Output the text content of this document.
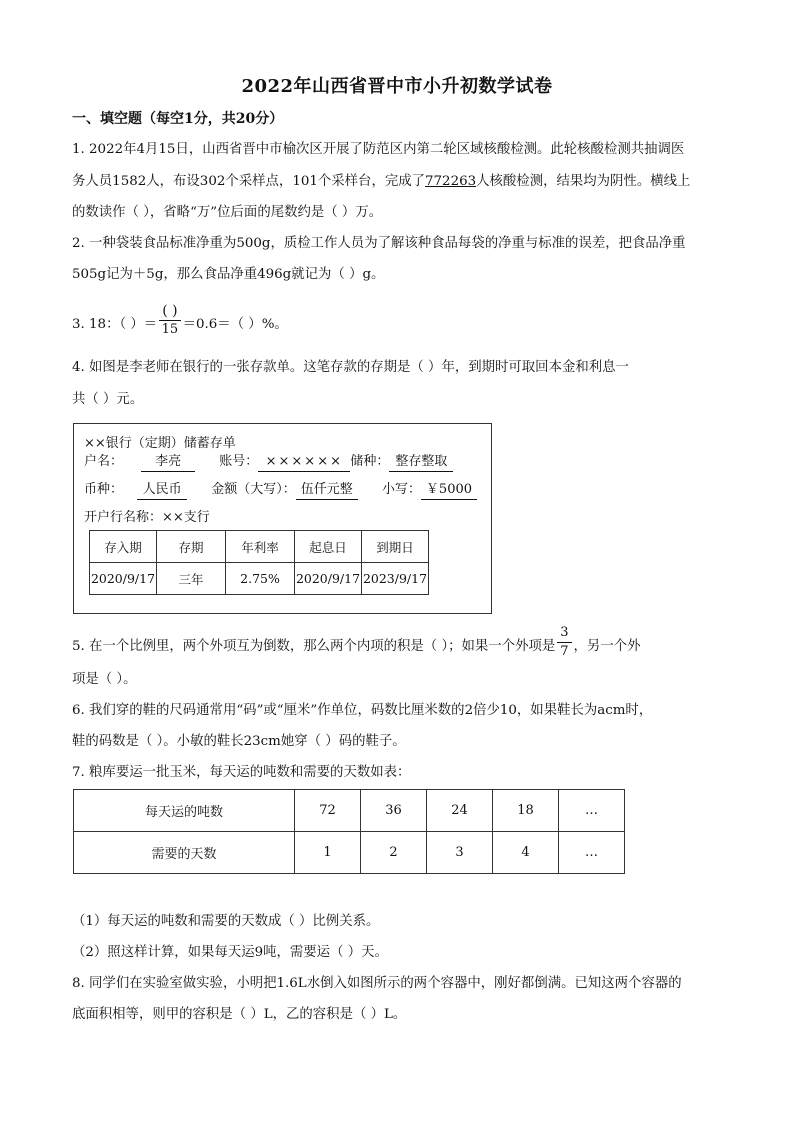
2022年山西省晋中市小升初数学试卷
一、填空题（每空1分，共20分）
1. 2022年4月15日，山西省晋中市榆次区开展了防范区内第二轮区域核酸检测。此轮核酸检测共抽调医
务人员1582人，布设302个采样点，101个采样台，完成了772263人核酸检测，结果均为阴性。横线上
的数读作（ ），省略“万”位后面的尾数约是（ ）万。
2. 一种袋装食品标准净重为500g，质检工作人员为了解该种食品每袋的净重与标准的误差，把食品净重
505g记为＋5g，那么食品净重496g就记为（ ）g。
3. 18：（ ）＝ $\frac{( )}{15} =0.6=$（ ）%。
4. 如图是李老师在银行的一张存款单。这笔存款的存期是（ ）年，到期时可取回本金和利息一
共（ ）元。
××银行（定期）储蓄存单
户名： 李亮	账号： ×××××× 储种： 整存整取
币种： 人民币 金额（大写）： 伍仟元整 小写： ￥5000
开户行名称：××支行
存入期	存期	年利率	起息日	到期日
2020/9/17	三年	2.75%	2020/9/17	2023/9/17
5. 在一个比例里，两个外项互为倒数，那么两个内项的积是（ ）；如果一个外项是 $\frac{3}{7}$ ，另一个外
项是（ ）。
6. 我们穿的鞋的尺码通常用“码”或“厘米”作单位，码数比厘米数的2倍少10，如果鞋长为acm时，
鞋的码数是（ ）。小敏的鞋长23cm她穿（ ）码的鞋子。
7. 粮库要运一批玉米，每天运的吨数和需要的天数如表：
每天运的吨数	72	36	24	18	…
需要的天数	1	2	3	4	…
（1）每天运的吨数和需要的天数成（ ）比例关系。
（2）照这样计算，如果每天运9吨，需要运（ ）天。
8. 同学们在实验室做实验，小明把1.6L水倒入如图所示的两个容器中，刚好都倒满。已知这两个容器的
底面积相等，则甲的容积是（ ）L，乙的容积是（ ）L。
